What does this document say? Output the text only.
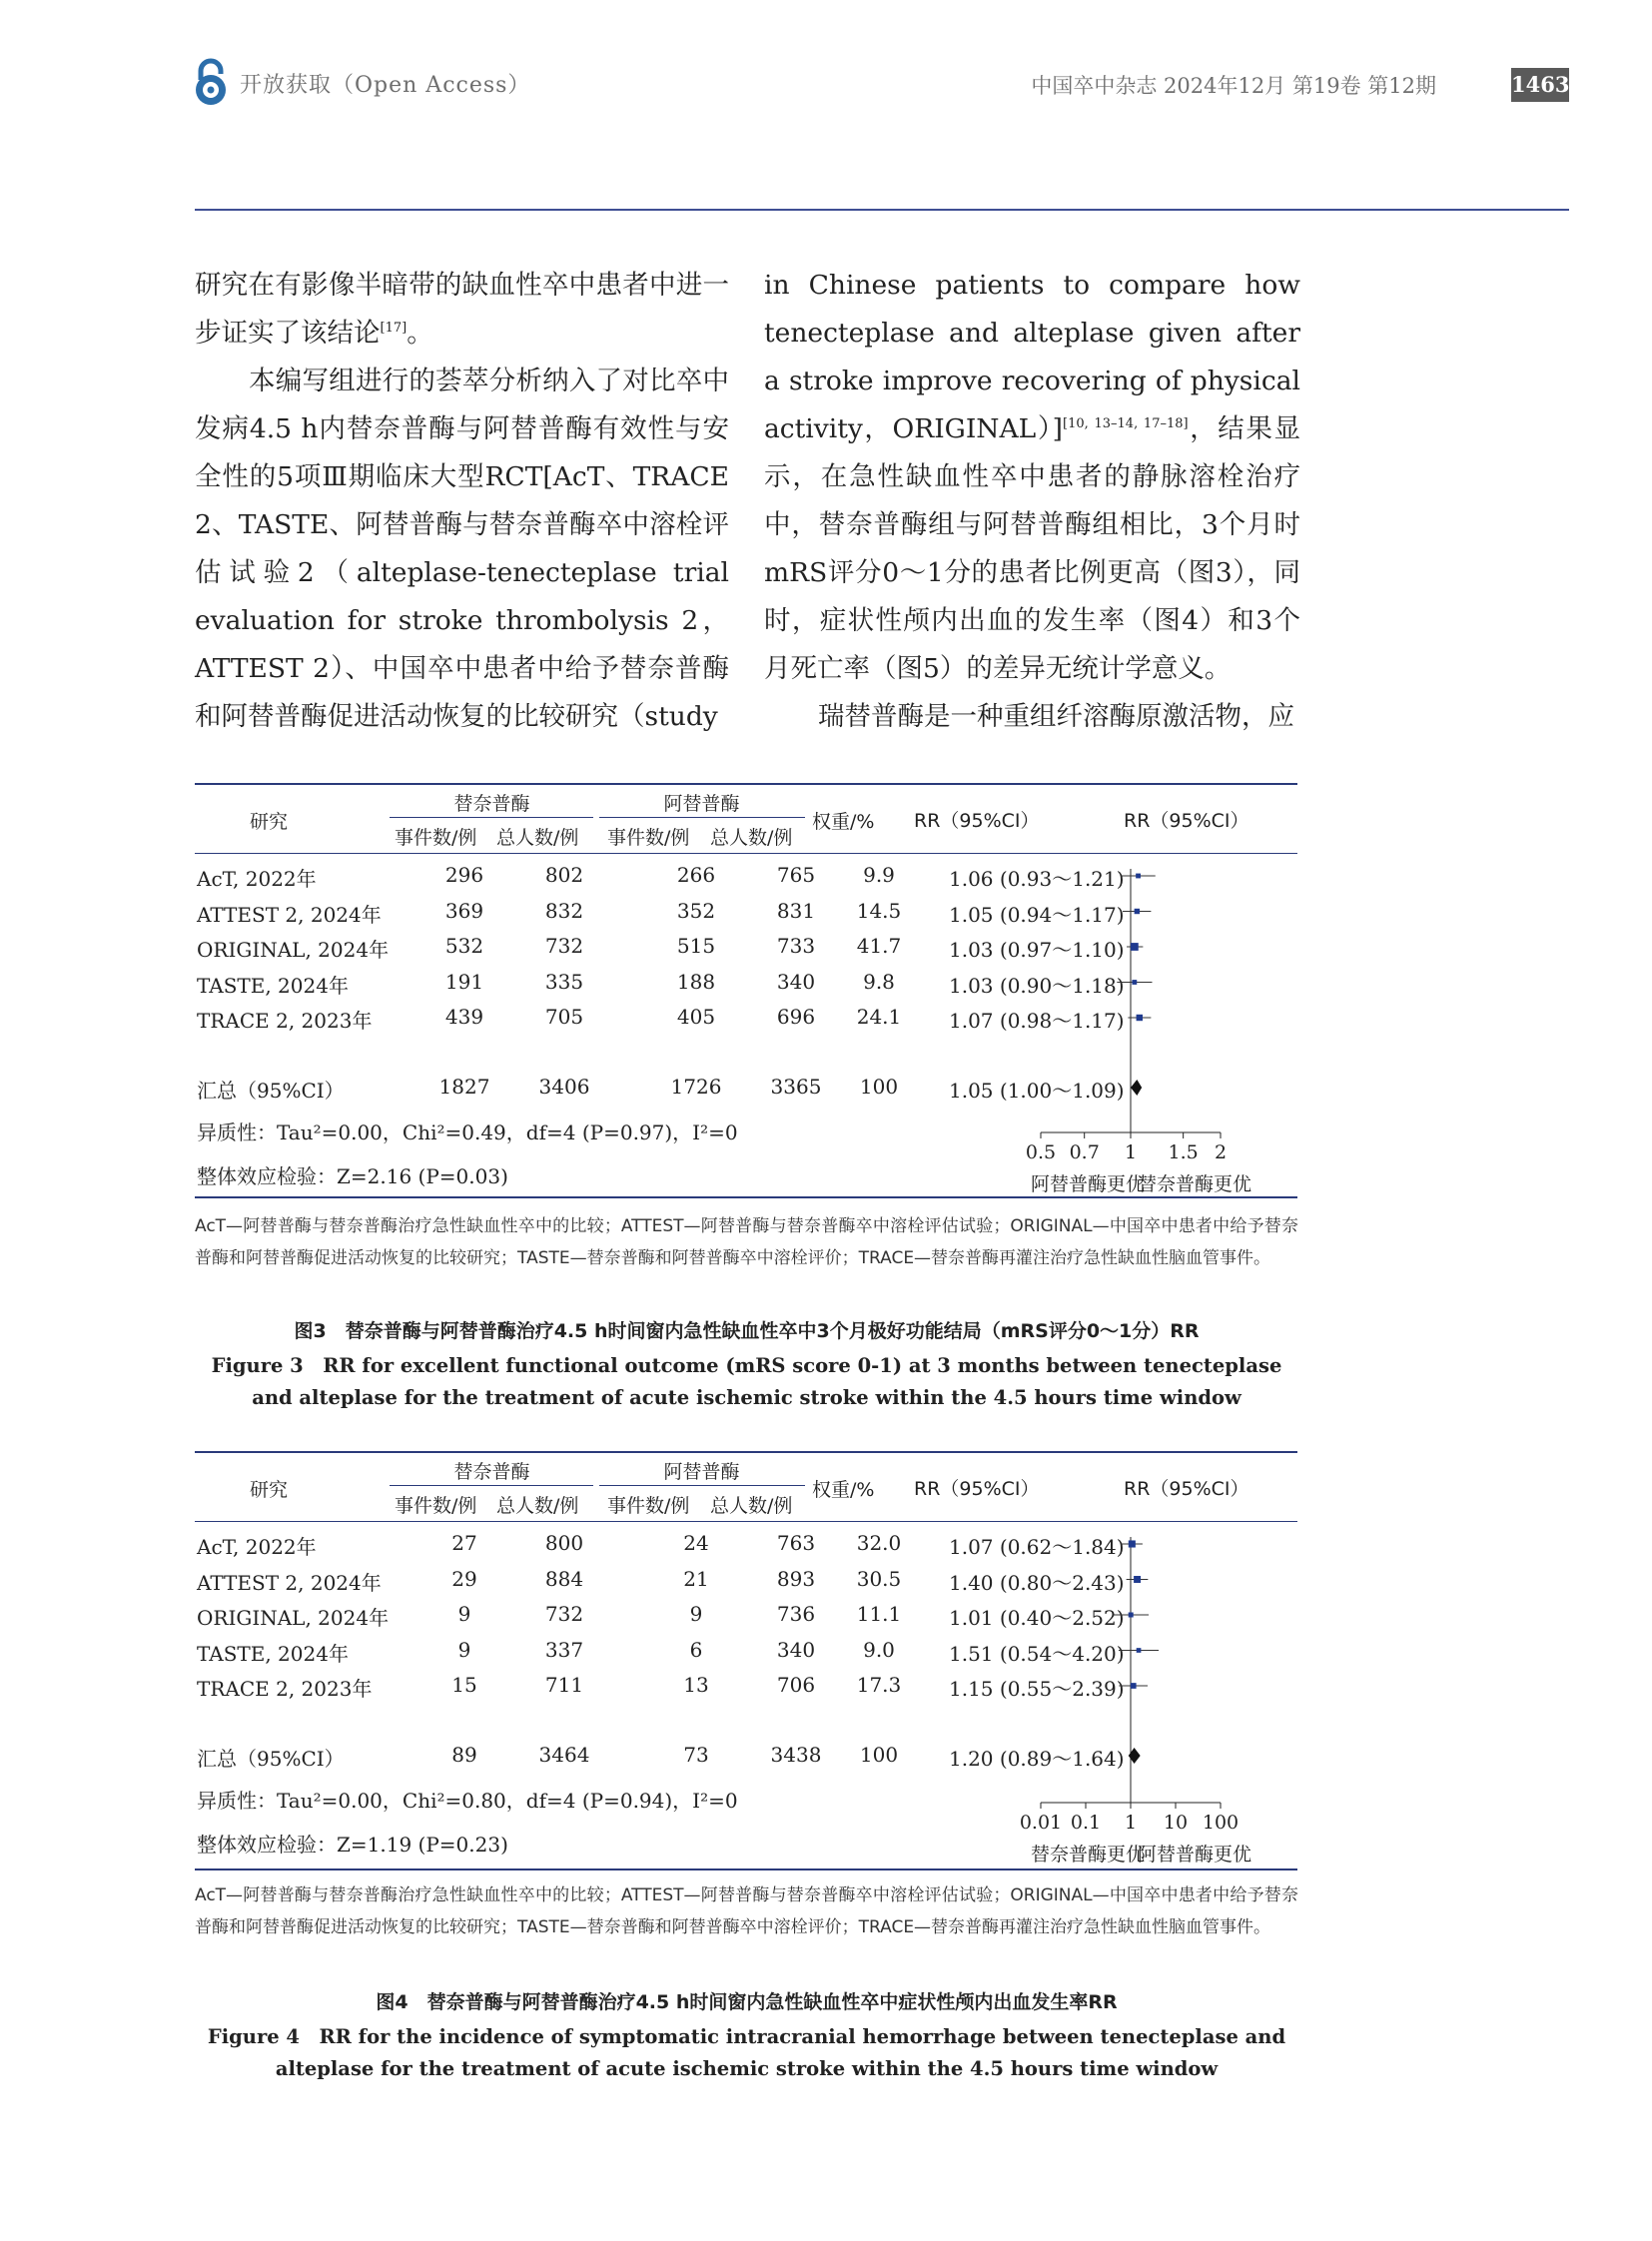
开放获取（Open Access）	中国卒中杂志 2024年12月 第19卷 第12期	1463

研究在有影像半暗带的缺血性卒中患者中进一步证实了该结论[17]。

本编写组进行的荟萃分析纳入了对比卒中发病4.5 h内替奈普酶与阿替普酶有效性与安全性的5项Ⅲ期临床大型RCT[AcT、TRACE 2、TASTE、阿替普酶与替奈普酶卒中溶栓评估试验2（alteplase-tenecteplase trial evaluation for stroke thrombolysis 2，ATTEST 2）、中国卒中患者中给予替奈普酶和阿替普酶促进活动恢复的比较研究（study

in Chinese patients to compare how tenecteplase and alteplase given after a stroke improve recovering of physical activity，ORIGINAL）][10, 13–14, 17–18]，结果显示，在急性缺血性卒中患者的静脉溶栓治疗中，替奈普酶组与阿替普酶组相比，3个月时mRS评分0～1分的患者比例更高（图3），同时，症状性颅内出血的发生率（图4）和3个月死亡率（图5）的差异无统计学意义。

瑞替普酶是一种重组纤溶酶原激活物，应

研究
替奈普酶	阿替普酶
事件数/例 总人数/例 事件数/例 总人数/例
权重/% RR（95%CI）	RR（95%CI）
AcT, 2022年	296	802	266	765	9.9	1.06 (0.93～1.21)
ATTEST 2, 2024年	369	832	352	831	14.5	1.05 (0.94～1.17)
ORIGINAL, 2024年	532	732	515	733	41.7	1.03 (0.97～1.10)
TASTE, 2024年	191	335	188	340	9.8	1.03 (0.90～1.18)
TRACE 2, 2023年	439	705	405	696	24.1	1.07 (0.98～1.17)
汇总（95%CI）	1827	3406	1726	3365	100	1.05 (1.00～1.09)
异质性：Tau²=0.00，Chi²=0.49，df=4 (P=0.97)，I²=0
整体效应检验：Z=2.16 (P=0.03)
0.5 0.7 1 1.5 2
阿替普酶更优
替奈普酶更优
AcT—阿替普酶与替奈普酶治疗急性缺血性卒中的比较；ATTEST—阿替普酶与替奈普酶卒中溶栓评估试验；ORIGINAL—中国卒中患者中给予替奈普酶和阿替普酶促进活动恢复的比较研究；TASTE—替奈普酶和阿替普酶卒中溶栓评价；TRACE—替奈普酶再灌注治疗急性缺血性脑血管事件。
图3　替奈普酶与阿替普酶治疗4.5 h时间窗内急性缺血性卒中3个月极好功能结局（mRS评分0～1分）RR
Figure 3　RR for excellent functional outcome (mRS score 0-1) at 3 months between tenecteplase and alteplase for the treatment of acute ischemic stroke within the 4.5 hours time window
研究
替奈普酶	阿替普酶
事件数/例 总人数/例 事件数/例 总人数/例
权重/% RR（95%CI）	RR（95%CI）
AcT, 2022年	27	800	24	763	32.0	1.07 (0.62～1.84)
ATTEST 2, 2024年	29	884	21	893	30.5	1.40 (0.80～2.43)
ORIGINAL, 2024年	9	732	9	736	11.1	1.01 (0.40～2.52)
TASTE, 2024年	9	337	6	340	9.0	1.51 (0.54～4.20)
TRACE 2, 2023年	15	711	13	706	17.3	1.15 (0.55～2.39)
汇总（95%CI）	89	3464	73	3438	100	1.20 (0.89～1.64)
异质性：Tau²=0.00，Chi²=0.80，df=4 (P=0.94)，I²=0
整体效应检验：Z=1.19 (P=0.23)
0.01 0.1 1 10 100
替奈普酶更优
阿替普酶更优
AcT—阿替普酶与替奈普酶治疗急性缺血性卒中的比较；ATTEST—阿替普酶与替奈普酶卒中溶栓评估试验；ORIGINAL—中国卒中患者中给予替奈普酶和阿替普酶促进活动恢复的比较研究；TASTE—替奈普酶和阿替普酶卒中溶栓评价；TRACE—替奈普酶再灌注治疗急性缺血性脑血管事件。
图4　替奈普酶与阿替普酶治疗4.5 h时间窗内急性缺血性卒中症状性颅内出血发生率RR
Figure 4　RR for the incidence of symptomatic intracranial hemorrhage between tenecteplase and alteplase for the treatment of acute ischemic stroke within the 4.5 hours time window
